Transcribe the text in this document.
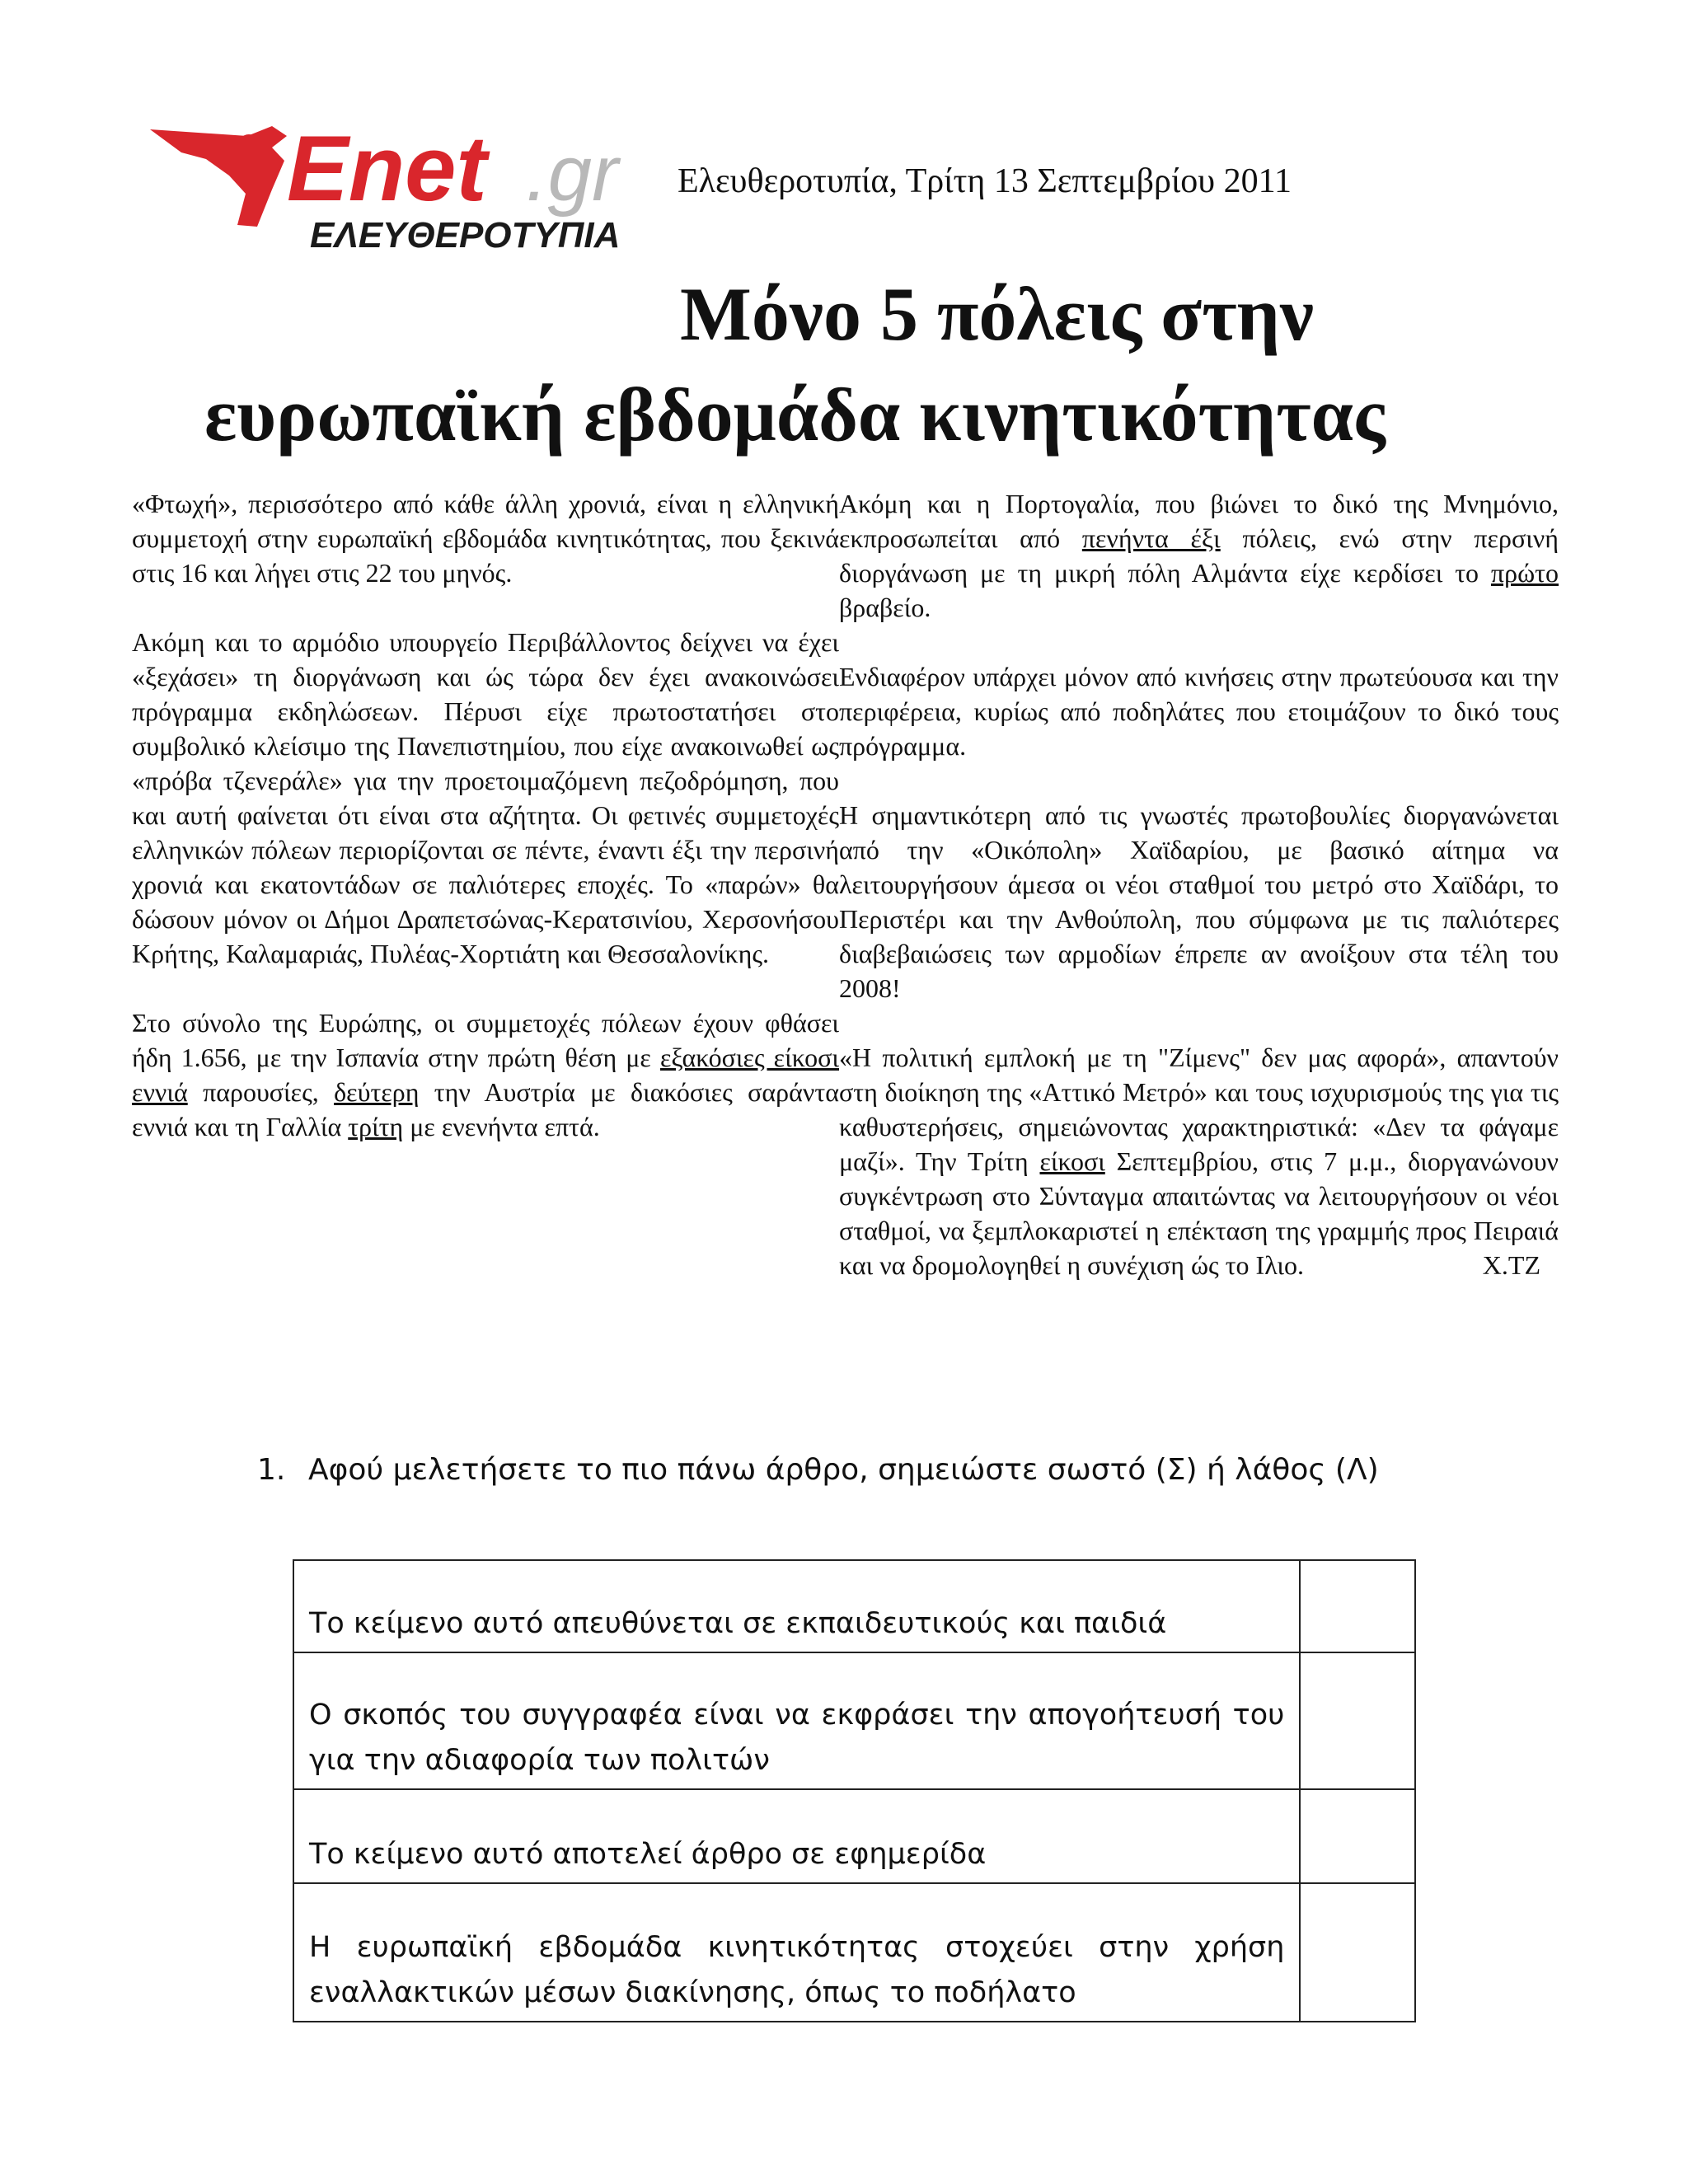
Enet .gr
ΕΛΕΥΘΕΡΟΤΥΠΙΑ
Ελευθεροτυπία, Τρίτη 13 Σεπτεμβρίου 2011
Μόνο 5 πόλεις στην
ευρωπαϊκή εβδομάδα κινητικότητας

«Φτωχή», περισσότερο από κάθε άλλη χρονιά, είναι η ελληνική συμμετοχή στην ευρωπαϊκή εβδομάδα κινητικότητας, που ξεκινά στις 16 και λήγει στις 22 του μηνός.

Ακόμη και το αρμόδιο υπουργείο Περιβάλλοντος δείχνει να έχει «ξεχάσει» τη διοργάνωση και ώς τώρα δεν έχει ανακοινώσει πρόγραμμα εκδηλώσεων. Πέρυσι είχε πρωτοστατήσει στο συμβολικό κλείσιμο της Πανεπιστημίου, που είχε ανακοινωθεί ως «πρόβα τζενεράλε» για την προετοιμαζόμενη πεζοδρόμηση, που και αυτή φαίνεται ότι είναι στα αζήτητα. Οι φετινές συμμετοχές ελληνικών πόλεων περιορίζονται σε πέντε, έναντι έξι την περσινή χρονιά και εκατοντάδων σε παλιότερες εποχές. Το «παρών» θα δώσουν μόνον οι Δήμοι Δραπετσώνας-Κερατσινίου, Χερσονήσου Κρήτης, Καλαμαριάς, Πυλέας-Χορτιάτη και Θεσσαλονίκης.

Στο σύνολο της Ευρώπης, οι συμμετοχές πόλεων έχουν φθάσει ήδη 1.656, με την Ισπανία στην πρώτη θέση με εξακόσιες είκοσι εννιά παρουσίες, δεύτερη την Αυστρία με διακόσιες σαράντα εννιά και τη Γαλλία τρίτη με ενενήντα επτά.

Ακόμη και η Πορτογαλία, που βιώνει το δικό της Μνημόνιο, εκπροσωπείται από πενήντα έξι πόλεις, ενώ στην περσινή διοργάνωση με τη μικρή πόλη Αλμάντα είχε κερδίσει το πρώτο βραβείο.

Ενδιαφέρον υπάρχει μόνον από κινήσεις στην πρωτεύουσα και την περιφέρεια, κυρίως από ποδηλάτες που ετοιμάζουν το δικό τους πρόγραμμα.

Η σημαντικότερη από τις γνωστές πρωτοβουλίες διοργανώνεται από την «Οικόπολη» Χαϊδαρίου, με βασικό αίτημα να λειτουργήσουν άμεσα οι νέοι σταθμοί του μετρό στο Χαϊδάρι, το Περιστέρι και την Ανθούπολη, που σύμφωνα με τις παλιότερες διαβεβαιώσεις των αρμοδίων έπρεπε αν ανοίξουν στα τέλη του 2008!

«Η πολιτική εμπλοκή με τη "Ζίμενς" δεν μας αφορά», απαντούν στη διοίκηση της «Αττικό Μετρό» και τους ισχυρισμούς της για τις καθυστερήσεις, σημειώνοντας χαρακτηριστικά: «Δεν τα φάγαμε μαζί». Την Τρίτη είκοσι Σεπτεμβρίου, στις 7 μ.μ., διοργανώνουν συγκέντρωση στο Σύνταγμα απαιτώντας να λειτουργήσουν οι νέοι σταθμοί, να ξεμπλοκαριστεί η επέκταση της γραμμής προς Πειραιά και να δρομολογηθεί η συνέχιση ώς το Ιλιο.	Χ.ΤΖ

1. Αφού μελετήσετε το πιο πάνω άρθρο, σημειώστε σωστό (Σ) ή λάθος (Λ)
Το κείμενο αυτό απευθύνεται σε εκπαιδευτικούς και παιδιά	
Ο σκοπός του συγγραφέα είναι να εκφράσει την απογοήτευσή του για την αδιαφορία των πολιτών	
Το κείμενο αυτό αποτελεί άρθρο σε εφημερίδα	
Η ευρωπαϊκή εβδομάδα κινητικότητας στοχεύει στην χρήση εναλλακτικών μέσων διακίνησης, όπως το ποδήλατο	
